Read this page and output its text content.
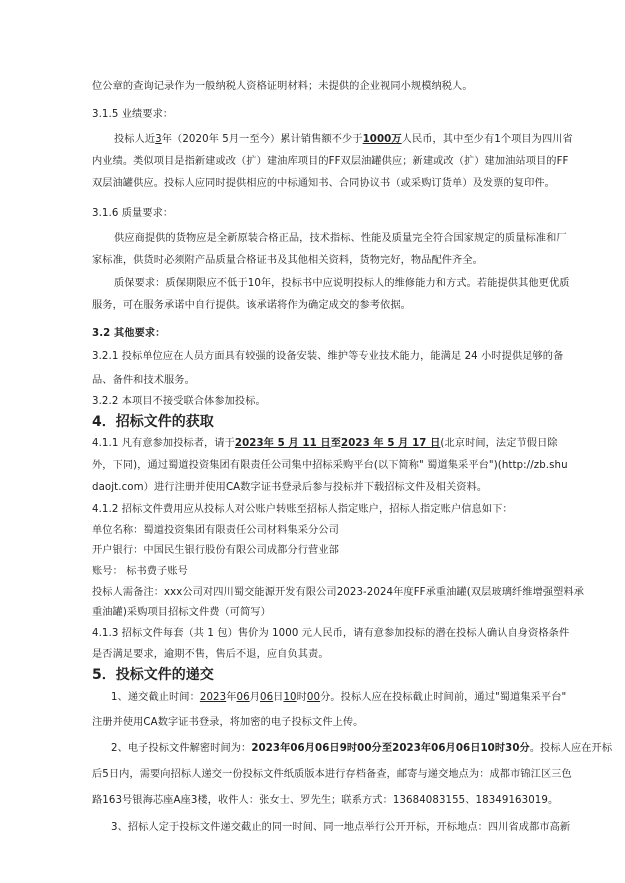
位公章的查询记录作为一般纳税人资格证明材料；未提供的企业视同小规模纳税人。
3.1.5 业绩要求：
投标人近3年（2020年 5月一至今）累计销售额不少于1000万人民币，其中至少有1个项目为四川省
内业绩。类似项目是指新建或改（扩）建油库项目的FF双层油罐供应；新建或改（扩）建加油站项目的FF
双层油罐供应。投标人应同时提供相应的中标通知书、合同协议书（或采购订货单）及发票的复印件。
3.1.6 质量要求：
供应商提供的货物应是全新原装合格正品，技术指标、性能及质量完全符合国家规定的质量标准和厂
家标准，供货时必须附产品质量合格证书及其他相关资料，货物完好，物品配件齐全。
质保要求：质保期限应不低于10年，投标书中应说明投标人的维修能力和方式。若能提供其他更优质
服务，可在服务承诺中自行提供。该承诺将作为确定成交的参考依据。
3.2 其他要求：
3.2.1 投标单位应在人员方面具有较强的设备安装、维护等专业技术能力，能满足 24 小时提供足够的备
品、备件和技术服务。
3.2.2 本项目不接受联合体参加投标。
4．招标文件的获取
4.1.1 凡有意参加投标者，请于2023年 5 月 11 日至2023 年 5 月 17 日(北京时间，法定节假日除
外，下同)，通过蜀道投资集团有限责任公司集中招标采购平台(以下简称" 蜀道集采平台")(http://zb.shu
daojt.com）进行注册并使用CA数字证书登录后参与投标并下载招标文件及相关资料。
4.1.2 招标文件费用应从投标人对公账户转账至招标人指定账户，招标人指定账户信息如下：
单位名称：蜀道投资集团有限责任公司材料集采分公司
开户银行：中国民生银行股份有限公司成都分行营业部
账号： 标书费子账号
投标人需备注：xxx公司对四川蜀交能源开发有限公司2023-2024年度FF承重油罐(双层玻璃纤维增强塑料承
重油罐)采购项目招标文件费（可简写）
4.1.3 招标文件每套（共 1 包）售价为 1000 元人民币，请有意参加投标的潜在投标人确认自身资格条件
是否满足要求，逾期不售，售后不退，应自负其责。
5．投标文件的递交
1、递交截止时间：2023年06月06日10时00分。投标人应在投标截止时间前，通过"蜀道集采平台"
注册并使用CA数字证书登录，将加密的电子投标文件上传。
2、电子投标文件解密时间为：2023年06月06日9时00分至2023年06月06日10时30分。投标人应在开标
后5日内，需要向招标人递交一份投标文件纸质版本进行存档备查，邮寄与递交地点为：成都市锦江区三色
路163号银海芯座A座3楼，收件人：张女士、罗先生；联系方式：13684083155、18349163019。
3、招标人定于投标文件递交截止的同一时间、同一地点举行公开开标，开标地点：四川省成都市高新
